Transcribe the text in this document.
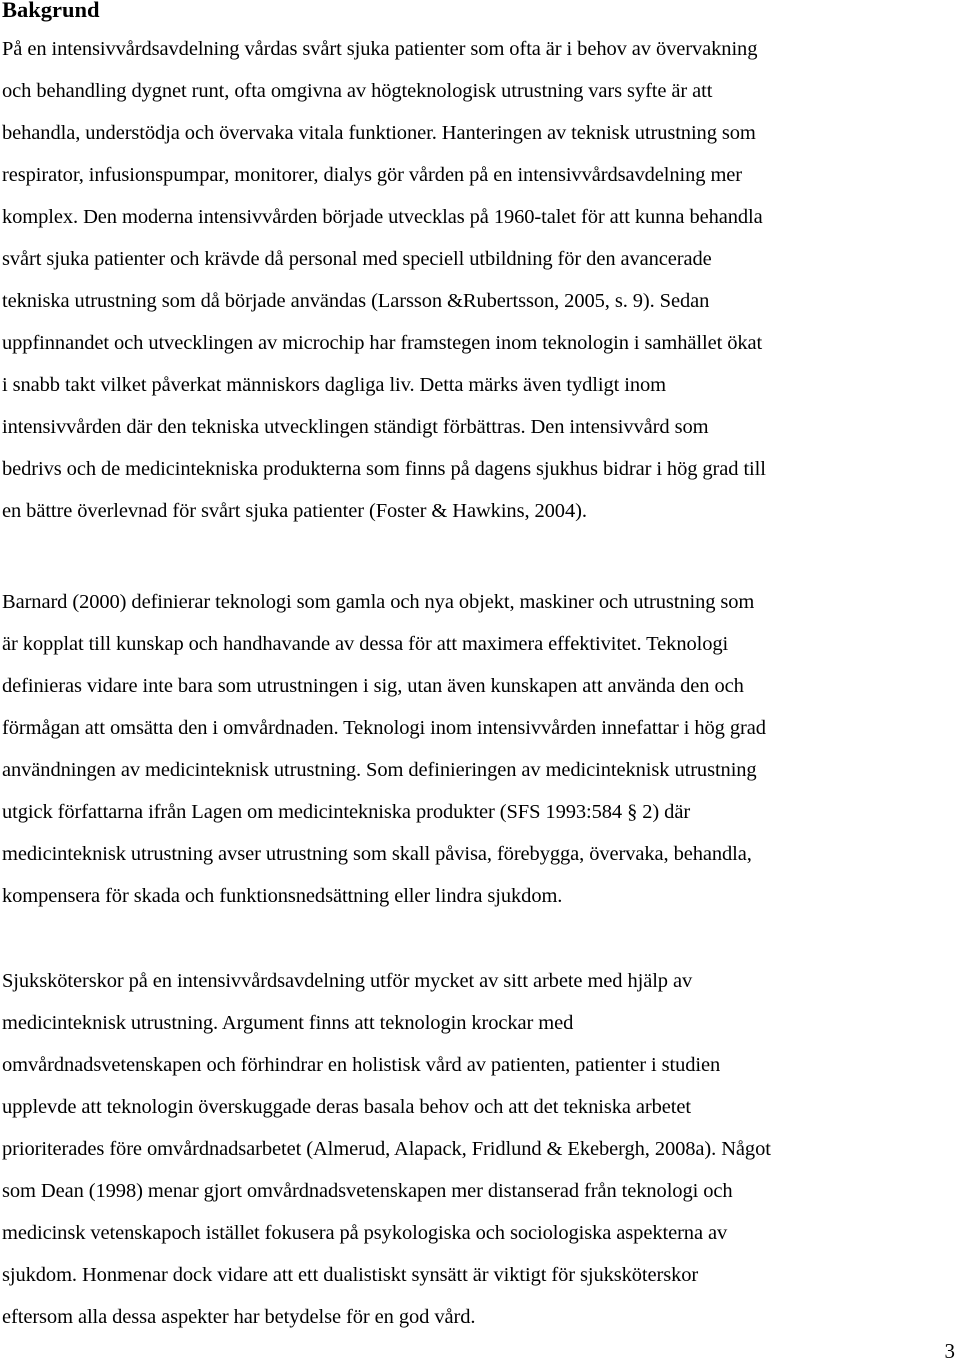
Bakgrund
På en intensivvårdsavdelning vårdas svårt sjuka patienter som ofta är i behov av övervakning
och behandling dygnet runt, ofta omgivna av högteknologisk utrustning vars syfte är att
behandla, understödja och övervaka vitala funktioner. Hanteringen av teknisk utrustning som
respirator, infusionspumpar, monitorer, dialys gör vården på en intensivvårdsavdelning mer
komplex. Den moderna intensivvården började utvecklas på 1960-talet för att kunna behandla
svårt sjuka patienter och krävde då personal med speciell utbildning för den avancerade
tekniska utrustning som då började användas (Larsson &Rubertsson, 2005, s. 9). Sedan
uppfinnandet och utvecklingen av microchip har framstegen inom teknologin i samhället ökat
i snabb takt vilket påverkat människors dagliga liv. Detta märks även tydligt inom
intensivvården där den tekniska utvecklingen ständigt förbättras. Den intensivvård som
bedrivs och de medicintekniska produkterna som finns på dagens sjukhus bidrar i hög grad till
en bättre överlevnad för svårt sjuka patienter (Foster & Hawkins, 2004).
Barnard (2000) definierar teknologi som gamla och nya objekt, maskiner och utrustning som
är kopplat till kunskap och handhavande av dessa för att maximera effektivitet. Teknologi
definieras vidare inte bara som utrustningen i sig, utan även kunskapen att använda den och
förmågan att omsätta den i omvårdnaden. Teknologi inom intensivvården innefattar i hög grad
användningen av medicinteknisk utrustning. Som definieringen av medicinteknisk utrustning
utgick författarna ifrån Lagen om medicintekniska produkter (SFS 1993:584 § 2) där
medicinteknisk utrustning avser utrustning som skall påvisa, förebygga, övervaka, behandla,
kompensera för skada och funktionsnedsättning eller lindra sjukdom.
Sjuksköterskor på en intensivvårdsavdelning utför mycket av sitt arbete med hjälp av
medicinteknisk utrustning. Argument finns att teknologin krockar med
omvårdnadsvetenskapen och förhindrar en holistisk vård av patienten, patienter i studien
upplevde att teknologin överskuggade deras basala behov och att det tekniska arbetet
prioriterades före omvårdnadsarbetet (Almerud, Alapack, Fridlund & Ekebergh, 2008a). Något
som Dean (1998) menar gjort omvårdnadsvetenskapen mer distanserad från teknologi och
medicinsk vetenskapoch istället fokusera på psykologiska och sociologiska aspekterna av
sjukdom. Honmenar dock vidare att ett dualistiskt synsätt är viktigt för sjuksköterskor
eftersom alla dessa aspekter har betydelse för en god vård.
3
